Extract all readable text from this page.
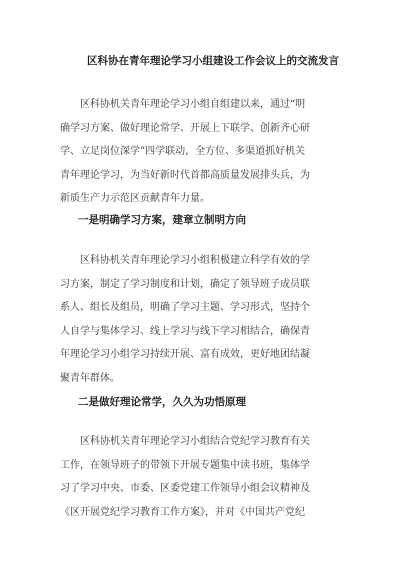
区科协在青年理论学习小组建设工作会议上的交流发言
区科协机关青年理论学习小组自组建以来，通过“明
确学习方案、做好理论常学、开展上下联学、创新齐心研
学、立足岗位深学”四学联动，全方位、多渠道抓好机关
青年理论学习，为当好新时代首都高质量发展排头兵，为
新质生产力示范区贡献青年力量。
一是明确学习方案，建章立制明方向
区科协机关青年理论学习小组积极建立科学有效的学
习方案，制定了学习制度和计划，确定了领导班子成员联
系人、组长及组员，明确了学习主题、学习形式，坚持个
人自学与集体学习、线上学习与线下学习相结合，确保青
年理论学习小组学习持续开展、富有成效，更好地团结凝
聚青年群体。
二是做好理论常学，久久为功悟原理
区科协机关青年理论学习小组结合党纪学习教育有关
工作，在领导班子的带领下开展专题集中读书班，集体学
习了学习中央、市委、区委党建工作领导小组会议精神及
《区开展党纪学习教育工作方案》，并对《中国共产党纪
